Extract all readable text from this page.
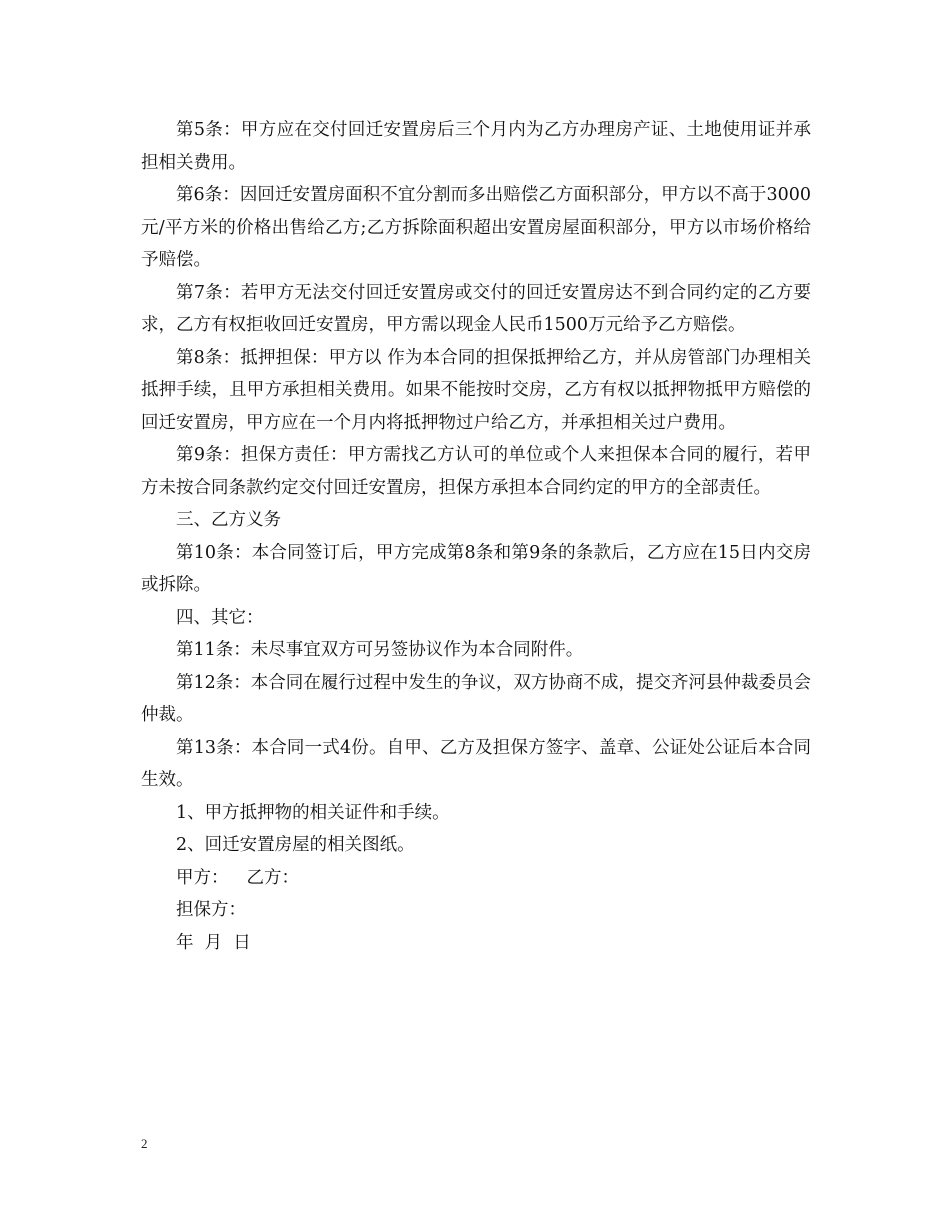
第5条：甲方应在交付回迁安置房后三个月内为乙方办理房产证、土地使用证并承担相关费用。

第6条：因回迁安置房面积不宜分割而多出赔偿乙方面积部分，甲方以不高于3000元/平方米的价格出售给乙方;乙方拆除面积超出安置房屋面积部分，甲方以市场价格给予赔偿。

第7条：若甲方无法交付回迁安置房或交付的回迁安置房达不到合同约定的乙方要求，乙方有权拒收回迁安置房，甲方需以现金人民币1500万元给予乙方赔偿。

第8条：抵押担保：甲方以 作为本合同的担保抵押给乙方，并从房管部门办理相关抵押手续，且甲方承担相关费用。如果不能按时交房，乙方有权以抵押物抵甲方赔偿的回迁安置房，甲方应在一个月内将抵押物过户给乙方，并承担相关过户费用。

第9条：担保方责任：甲方需找乙方认可的单位或个人来担保本合同的履行，若甲方未按合同条款约定交付回迁安置房，担保方承担本合同约定的甲方的全部责任。

三、乙方义务

第10条：本合同签订后，甲方完成第8条和第9条的条款后，乙方应在15日内交房或拆除。

四、其它：

第11条：未尽事宜双方可另签协议作为本合同附件。

第12条：本合同在履行过程中发生的争议，双方协商不成，提交齐河县仲裁委员会仲裁。

第13条：本合同一式4份。自甲、乙方及担保方签字、盖章、公证处公证后本合同生效。

1、甲方抵押物的相关证件和手续。

2、回迁安置房屋的相关图纸。

甲方： 乙方：

担保方：

年  月  日

2
